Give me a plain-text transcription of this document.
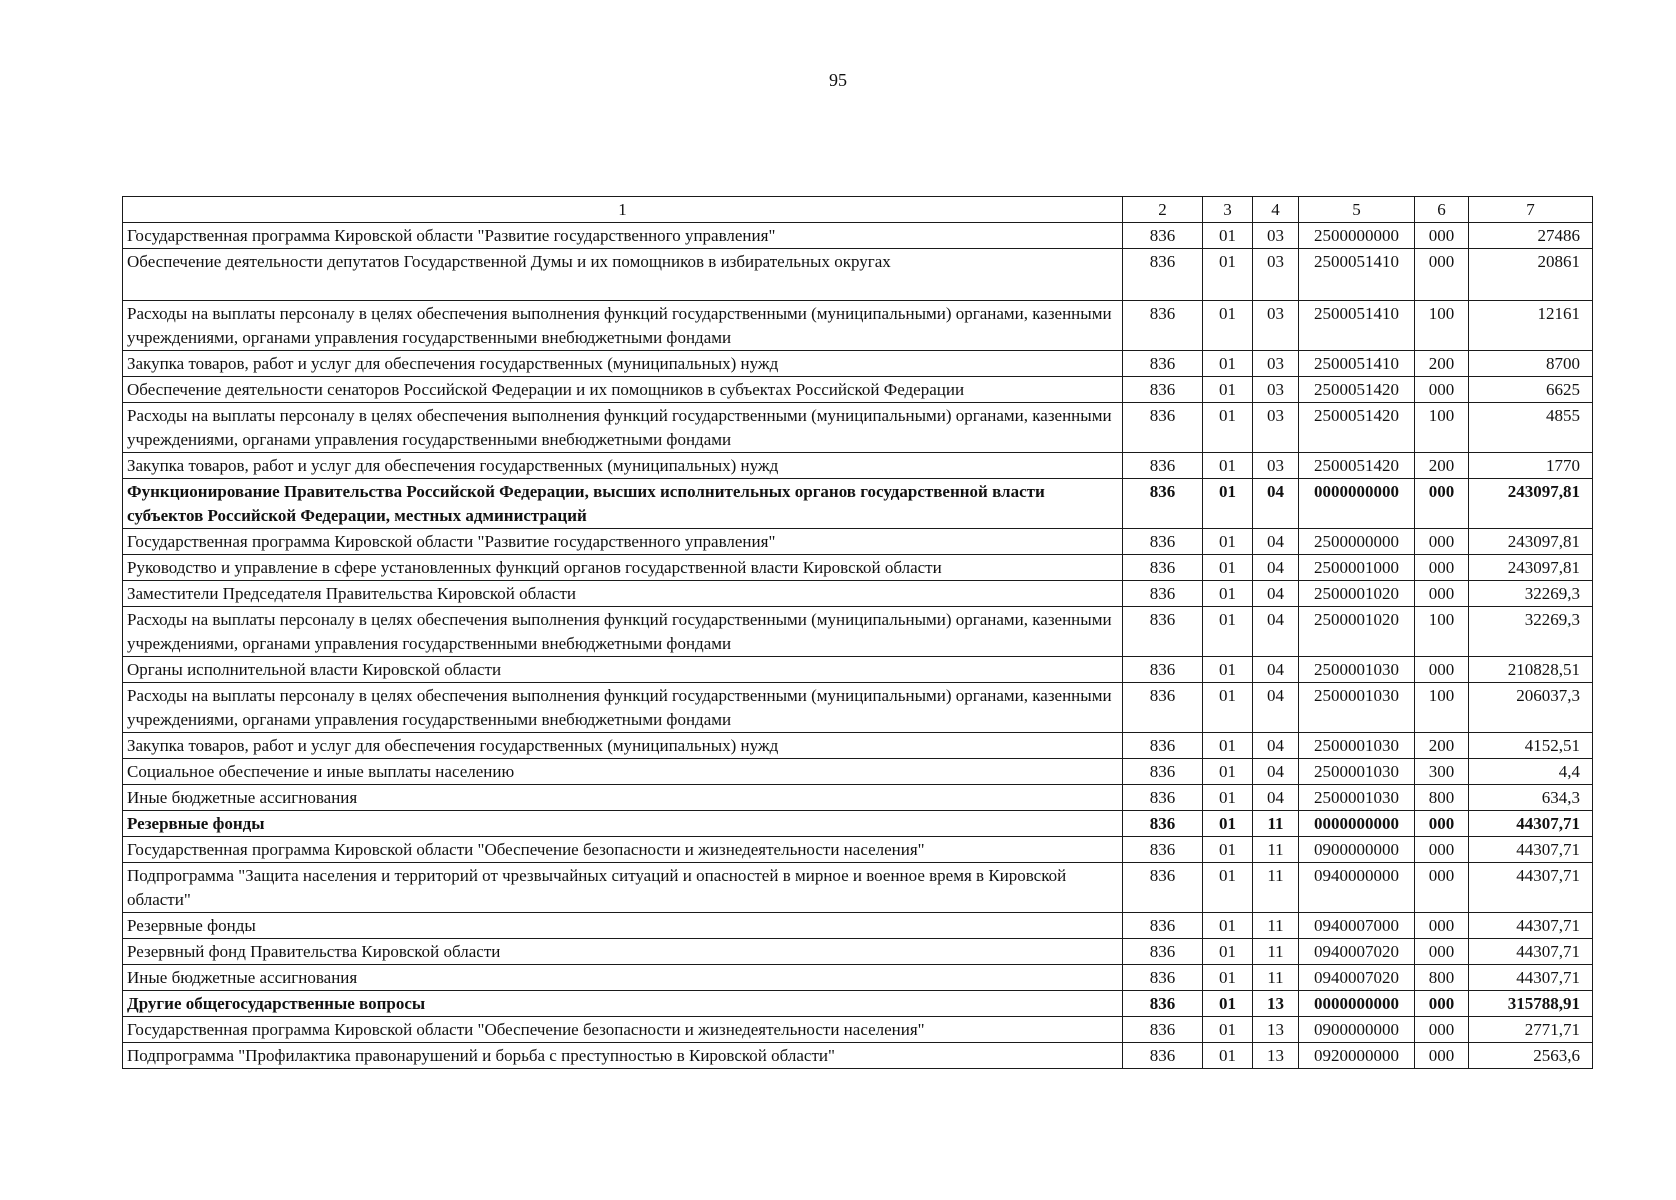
95
1	2	3	4	5	6	7
Государственная программа Кировской области "Развитие государственного управления"	836	01	03	2500000000	000	27486
Обеспечение деятельности депутатов Государственной Думы и их помощников в избирательных округах	836	01	03	2500051410	000	20861
Расходы на выплаты персоналу в целях обеспечения выполнения функций государственными (муниципальными) органами, казенными учреждениями, органами управления государственными внебюджетными фондами	836	01	03	2500051410	100	12161
Закупка товаров, работ и услуг для обеспечения государственных (муниципальных) нужд	836	01	03	2500051410	200	8700
Обеспечение деятельности сенаторов Российской Федерации и их помощников в субъектах Российской Федерации	836	01	03	2500051420	000	6625
Расходы на выплаты персоналу в целях обеспечения выполнения функций государственными (муниципальными) органами, казенными учреждениями, органами управления государственными внебюджетными фондами	836	01	03	2500051420	100	4855
Закупка товаров, работ и услуг для обеспечения государственных (муниципальных) нужд	836	01	03	2500051420	200	1770
Функционирование Правительства Российской Федерации, высших исполнительных органов государственной власти субъектов Российской Федерации, местных администраций	836	01	04	0000000000	000	243097,81
Государственная программа Кировской области "Развитие государственного управления"	836	01	04	2500000000	000	243097,81
Руководство и управление в сфере установленных функций органов государственной власти Кировской области	836	01	04	2500001000	000	243097,81
Заместители Председателя Правительства Кировской области	836	01	04	2500001020	000	32269,3
Расходы на выплаты персоналу в целях обеспечения выполнения функций государственными (муниципальными) органами, казенными учреждениями, органами управления государственными внебюджетными фондами	836	01	04	2500001020	100	32269,3
Органы исполнительной власти Кировской области	836	01	04	2500001030	000	210828,51
Расходы на выплаты персоналу в целях обеспечения выполнения функций государственными (муниципальными) органами, казенными учреждениями, органами управления государственными внебюджетными фондами	836	01	04	2500001030	100	206037,3
Закупка товаров, работ и услуг для обеспечения государственных (муниципальных) нужд	836	01	04	2500001030	200	4152,51
Социальное обеспечение и иные выплаты населению	836	01	04	2500001030	300	4,4
Иные бюджетные ассигнования	836	01	04	2500001030	800	634,3
Резервные фонды	836	01	11	0000000000	000	44307,71
Государственная программа Кировской области "Обеспечение безопасности и жизнедеятельности населения"	836	01	11	0900000000	000	44307,71
Подпрограмма "Защита населения и территорий от чрезвычайных ситуаций и опасностей в мирное и военное время в Кировской области"	836	01	11	0940000000	000	44307,71
Резервные фонды	836	01	11	0940007000	000	44307,71
Резервный фонд Правительства Кировской области	836	01	11	0940007020	000	44307,71
Иные бюджетные ассигнования	836	01	11	0940007020	800	44307,71
Другие общегосударственные вопросы	836	01	13	0000000000	000	315788,91
Государственная программа Кировской области "Обеспечение безопасности и жизнедеятельности населения"	836	01	13	0900000000	000	2771,71
Подпрограмма "Профилактика правонарушений и борьба с преступностью в Кировской области"	836	01	13	0920000000	000	2563,6
